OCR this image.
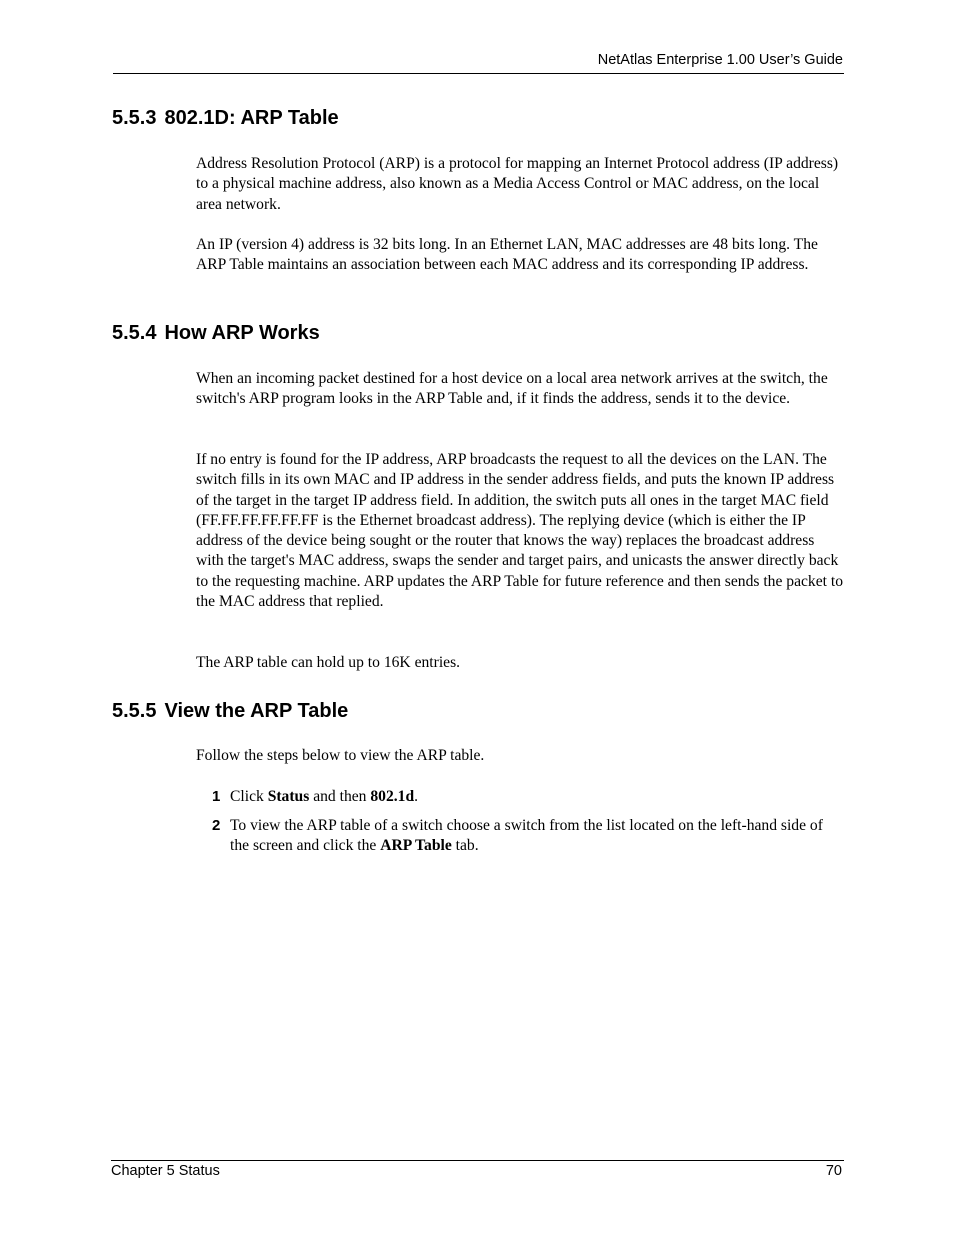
NetAtlas Enterprise 1.00 User’s Guide
5.5.3 802.1D: ARP Table

Address Resolution Protocol (ARP) is a protocol for mapping an Internet Protocol address (IP address) to a physical machine address, also known as a Media Access Control or MAC address, on the local area network.

An IP (version 4) address is 32 bits long. In an Ethernet LAN, MAC addresses are 48 bits long. The ARP Table maintains an association between each MAC address and its corresponding IP address.

5.5.4 How ARP Works

When an incoming packet destined for a host device on a local area network arrives at the switch, the switch's ARP program looks in the ARP Table and, if it finds the address, sends it to the device.

If no entry is found for the IP address, ARP broadcasts the request to all the devices on the LAN. The switch fills in its own MAC and IP address in the sender address fields, and puts the known IP address of the target in the target IP address field. In addition, the switch puts all ones in the target MAC field (FF.FF.FF.FF.FF.FF is the Ethernet broadcast address). The replying device (which is either the IP address of the device being sought or the router that knows the way) replaces the broadcast address with the target's MAC address, swaps the sender and target pairs, and unicasts the answer directly back to the requesting machine. ARP updates the ARP Table for future reference and then sends the packet to the MAC address that replied.

The ARP table can hold up to 16K entries.

5.5.5 View the ARP Table

Follow the steps below to view the ARP table.

1 Click Status and then 802.1d.
2 To view the ARP table of a switch choose a switch from the list located on the left-hand side of the screen and click the ARP Table tab.
Chapter 5 Status	70
